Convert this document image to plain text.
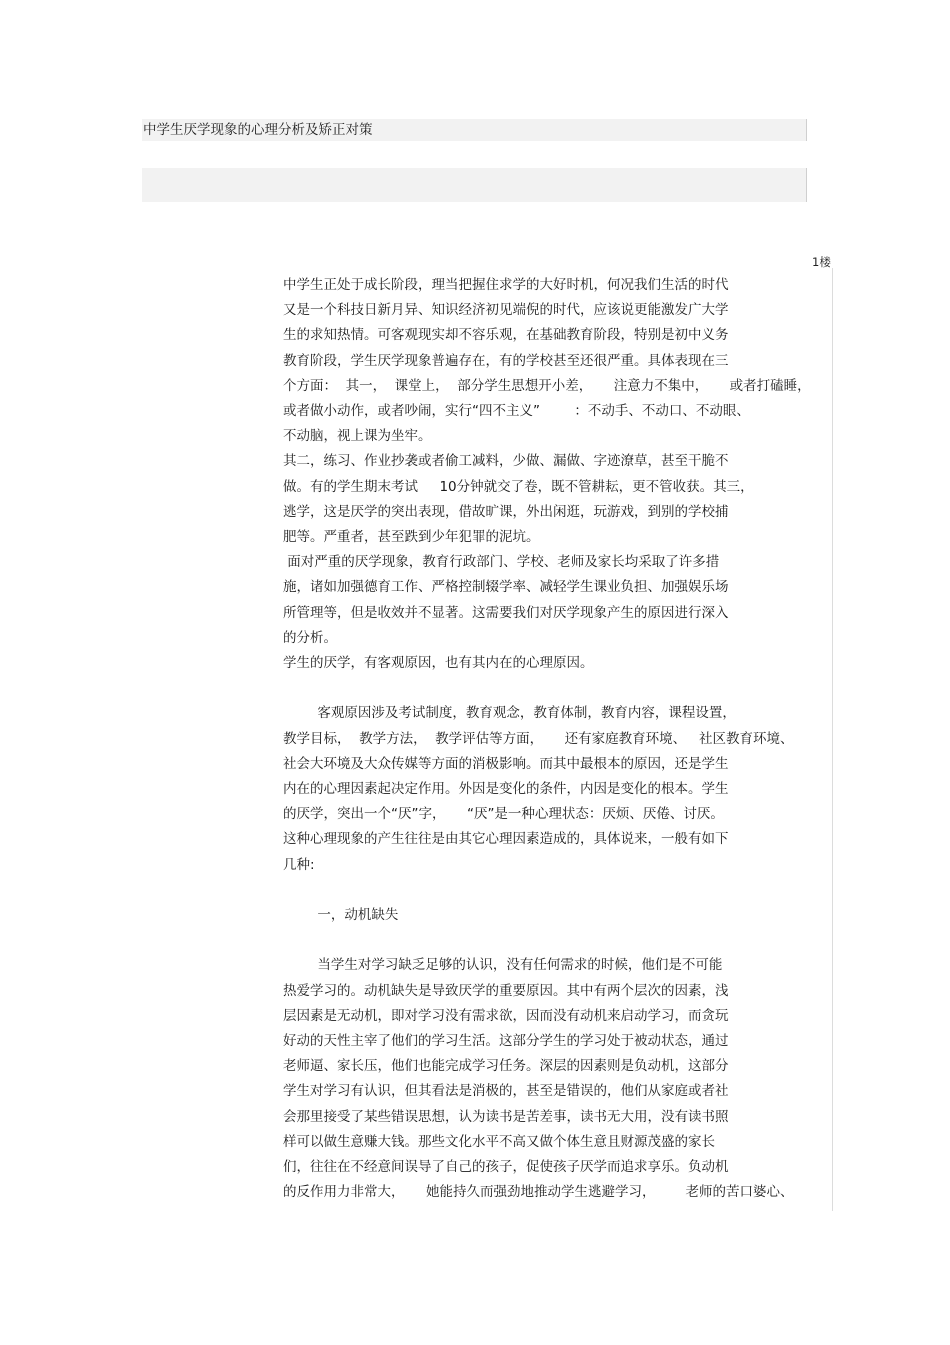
中学生厌学现象的心理分析及矫正对策
1楼
中学生正处于成长阶段，理当把握住求学的大好时机，何况我们生活的时代
又是一个科技日新月异、知识经济初见端倪的时代，应该说更能激发广大学
生的求知热情。可客观现实却不容乐观，在基础教育阶段，特别是初中义务
教育阶段，学生厌学现象普遍存在，有的学校甚至还很严重。具体表现在三
个方面：  其一，  课堂上，  部分学生思想开小差，     注意力不集中，     或者打磕睡，
或者做小动作，或者吵闹，实行“四不主义”        ：不动手、不动口、不动眼、
不动脑，视上课为坐牢。
其二，练习、作业抄袭或者偷工减料，少做、漏做、字迹潦草，甚至干脆不
做。有的学生期末考试     10分钟就交了卷，既不管耕耘，更不管收获。其三，
逃学，这是厌学的突出表现，借故旷课，外出闲逛，玩游戏，到别的学校捕
肥等。严重者，甚至跌到少年犯罪的泥坑。
面对严重的厌学现象，教育行政部门、学校、老师及家长均采取了许多措
施，诸如加强德育工作、严格控制辍学率、减轻学生课业负担、加强娱乐场
所管理等，但是收效并不显著。这需要我们对厌学现象产生的原因进行深入
的分析。
学生的厌学，有客观原因，也有其内在的心理原因。
客观原因涉及考试制度，教育观念，教育体制，教育内容，课程设置，
教学目标，  教学方法，  教学评估等方面，     还有家庭教育环境、   社区教育环境、
社会大环境及大众传媒等方面的消极影响。而其中最根本的原因，还是学生
内在的心理因素起决定作用。外因是变化的条件，内因是变化的根本。学生
的厌学，突出一个“厌”字，     “厌”是一种心理状态：厌烦、厌倦、讨厌。
这种心理现象的产生往往是由其它心理因素造成的，具体说来，一般有如下
几种:
一，动机缺失
当学生对学习缺乏足够的认识，没有任何需求的时候，他们是不可能
热爱学习的。动机缺失是导致厌学的重要原因。其中有两个层次的因素，浅
层因素是无动机，即对学习没有需求欲，因而没有动机来启动学习，而贪玩
好动的天性主宰了他们的学习生活。这部分学生的学习处于被动状态，通过
老师逼、家长压，他们也能完成学习任务。深层的因素则是负动机，这部分
学生对学习有认识，但其看法是消极的，甚至是错误的，他们从家庭或者社
会那里接受了某些错误思想，认为读书是苦差事，读书无大用，没有读书照
样可以做生意赚大钱。那些文化水平不高又做个体生意且财源茂盛的家长
们，往往在不经意间误导了自己的孩子，促使孩子厌学而追求享乐。负动机
的反作用力非常大，     她能持久而强劲地推动学生逃避学习，       老师的苦口婆心、
